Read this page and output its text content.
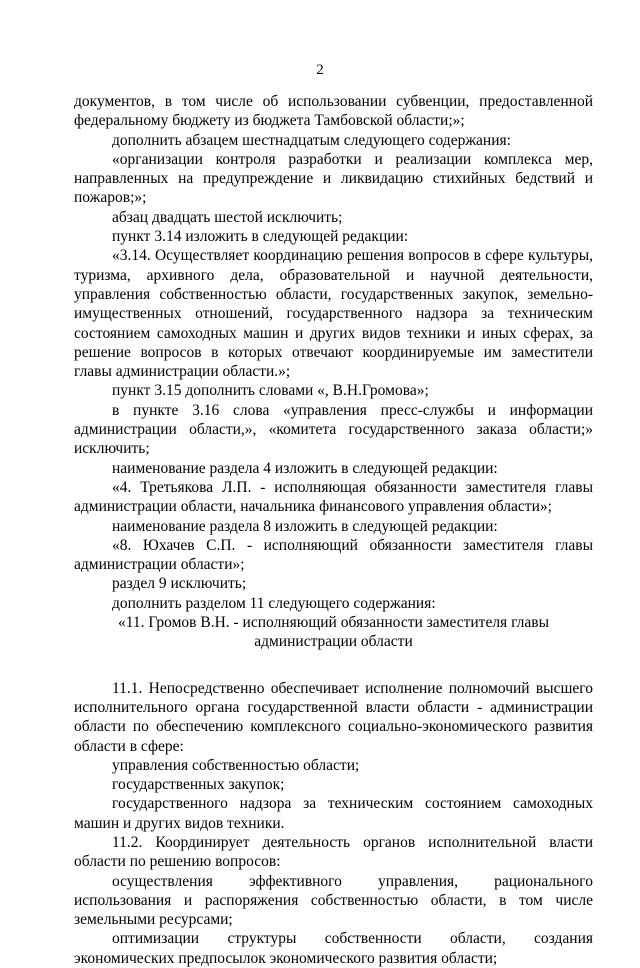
2

документов, в том числе об использовании субвенции, предоставленной федеральному бюджету из бюджета Тамбовской области;»;

дополнить абзацем шестнадцатым следующего содержания:

«организации контроля разработки и реализации комплекса мер, направленных на предупреждение и ликвидацию стихийных бедствий и пожаров;»;

абзац двадцать шестой исключить;

пункт 3.14 изложить в следующей редакции:

«3.14. Осуществляет координацию решения вопросов в сфере культуры, туризма, архивного дела, образовательной и научной деятельности, управления собственностью области, государственных закупок, земельно-имущественных отношений, государственного надзора за техническим состоянием самоходных машин и других видов техники и иных сферах, за решение вопросов в которых отвечают координируемые им заместители главы администрации области.»;

пункт 3.15 дополнить словами «, В.Н.Громова»;

в пункте 3.16 слова «управления пресс-службы и информации администрации области,», «комитета государственного заказа области;» исключить;

наименование раздела 4 изложить в следующей редакции:

«4. Третьякова Л.П. - исполняющая обязанности заместителя главы администрации области, начальника финансового управления области»;

наименование раздела 8 изложить в следующей редакции:

«8. Юхачев С.П. - исполняющий обязанности заместителя главы администрации области»;

раздел 9 исключить;

дополнить разделом 11 следующего содержания:

«11. Громов В.Н. - исполняющий обязанности заместителя главы

администрации области

11.1. Непосредственно обеспечивает исполнение полномочий высшего исполнительного органа государственной власти области - администрации области по обеспечению комплексного социально-экономического развития области в сфере:

управления собственностью области;

государственных закупок;

государственного надзора за техническим состоянием самоходных машин и других видов техники.

11.2. Координирует деятельность органов исполнительной власти области по решению вопросов:

осуществления эффективного управления, рационального использования и распоряжения собственностью области, в том числе земельными ресурсами;

оптимизации структуры собственности области, создания экономических предпосылок экономического развития области;
